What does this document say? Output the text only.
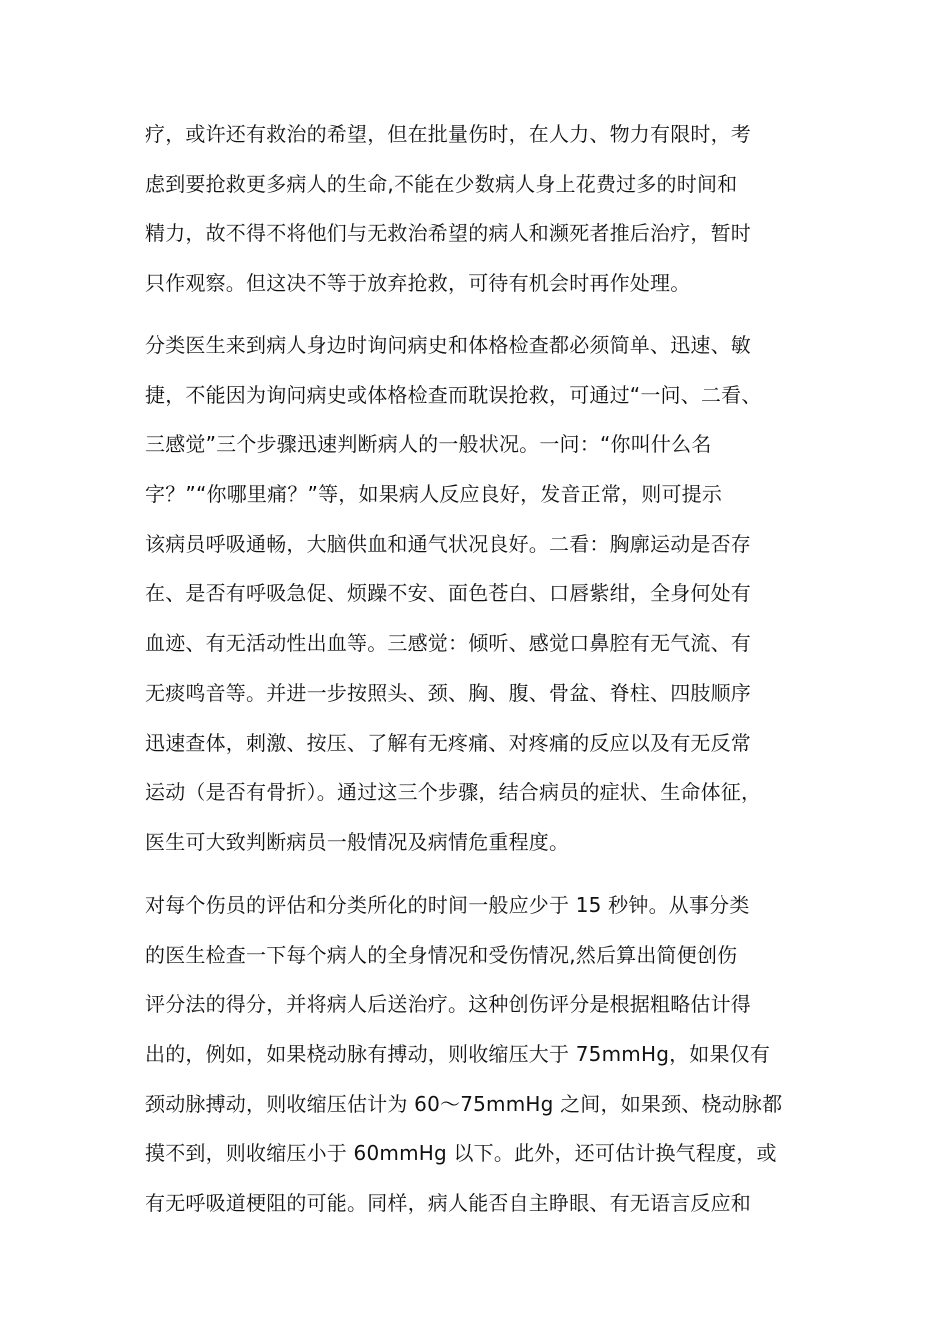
疗，或许还有救治的希望，但在批量伤时，在人力、物力有限时，考
虑到要抢救更多病人的生命,不能在少数病人身上花费过多的时间和
精力，故不得不将他们与无救治希望的病人和濒死者推后治疗，暂时
只作观察。但这决不等于放弃抢救，可待有机会时再作处理。
分类医生来到病人身边时询问病史和体格检查都必须简单、迅速、敏
捷，不能因为询问病史或体格检查而耽误抢救，可通过“一问、二看、
三感觉”三个步骤迅速判断病人的一般状况。一问：“你叫什么名
字？”“你哪里痛？”等，如果病人反应良好，发音正常，则可提示
该病员呼吸通畅，大脑供血和通气状况良好。二看：胸廓运动是否存
在、是否有呼吸急促、烦躁不安、面色苍白、口唇紫绀，全身何处有
血迹、有无活动性出血等。三感觉：倾听、感觉口鼻腔有无气流、有
无痰鸣音等。并进一步按照头、颈、胸、腹、骨盆、脊柱、四肢顺序
迅速查体，刺激、按压、了解有无疼痛、对疼痛的反应以及有无反常
运动（是否有骨折）。通过这三个步骤，结合病员的症状、生命体征，
医生可大致判断病员一般情况及病情危重程度。
对每个伤员的评估和分类所化的时间一般应少于 15 秒钟。从事分类
的医生检查一下每个病人的全身情况和受伤情况,然后算出简便创伤
评分法的得分，并将病人后送治疗。这种创伤评分是根据粗略估计得
出的，例如，如果桡动脉有搏动，则收缩压大于 75mmHg，如果仅有
颈动脉搏动，则收缩压估计为 60～75mmHg 之间，如果颈、桡动脉都
摸不到，则收缩压小于 60mmHg 以下。此外，还可估计换气程度，或
有无呼吸道梗阻的可能。同样，病人能否自主睁眼、有无语言反应和
